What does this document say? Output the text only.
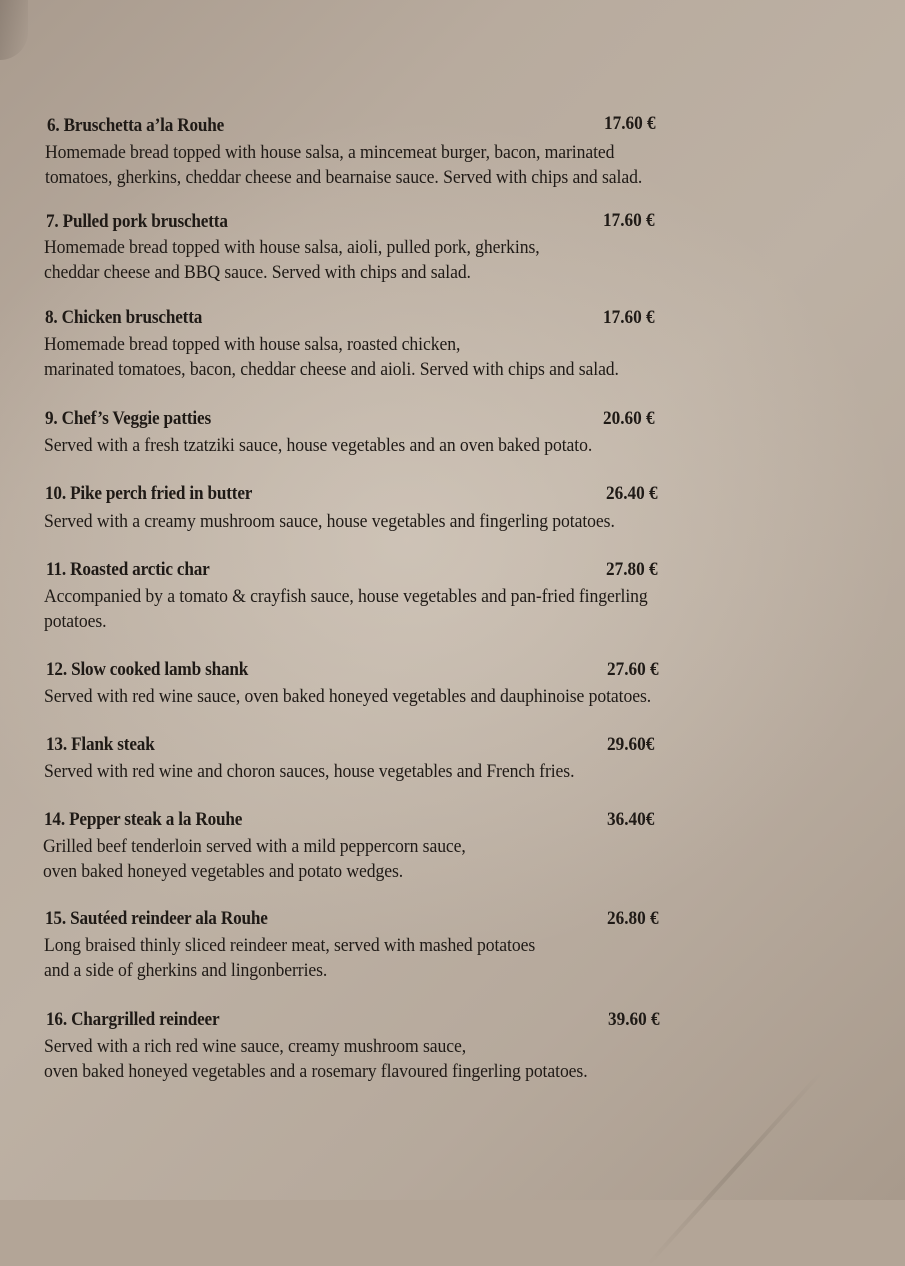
6. Bruschetta a’la Rouhe	17.60 €
Homemade bread topped with house salsa, a mincemeat burger, bacon, marinated
tomatoes, gherkins, cheddar cheese and bearnaise sauce. Served with chips and salad.
7. Pulled pork bruschetta	17.60 €
Homemade bread topped with house salsa, aioli, pulled pork, gherkins,
cheddar cheese and BBQ sauce. Served with chips and salad.
8. Chicken bruschetta	17.60 €
Homemade bread topped with house salsa, roasted chicken,
marinated tomatoes, bacon, cheddar cheese and aioli. Served with chips and salad.
9. Chef’s Veggie patties	20.60 €
Served with a fresh tzatziki sauce, house vegetables and an oven baked potato.
10. Pike perch fried in butter	26.40 €
Served with a creamy mushroom sauce, house vegetables and fingerling potatoes.
11. Roasted arctic char	27.80 €
Accompanied by a tomato & crayfish sauce, house vegetables and pan-fried fingerling
potatoes.
12. Slow cooked lamb shank	27.60 €
Served with red wine sauce, oven baked honeyed vegetables and dauphinoise potatoes.
13. Flank steak	29.60€
Served with red wine and choron sauces, house vegetables and French fries.
14. Pepper steak a la Rouhe	36.40€
Grilled beef tenderloin served with a mild peppercorn sauce,
oven baked honeyed vegetables and potato wedges.
15. Sautéed reindeer ala Rouhe	26.80 €
Long braised thinly sliced reindeer meat, served with mashed potatoes
and a side of gherkins and lingonberries.
16. Chargrilled reindeer	39.60 €
Served with a rich red wine sauce, creamy mushroom sauce,
oven baked honeyed vegetables and a rosemary flavoured fingerling potatoes.
